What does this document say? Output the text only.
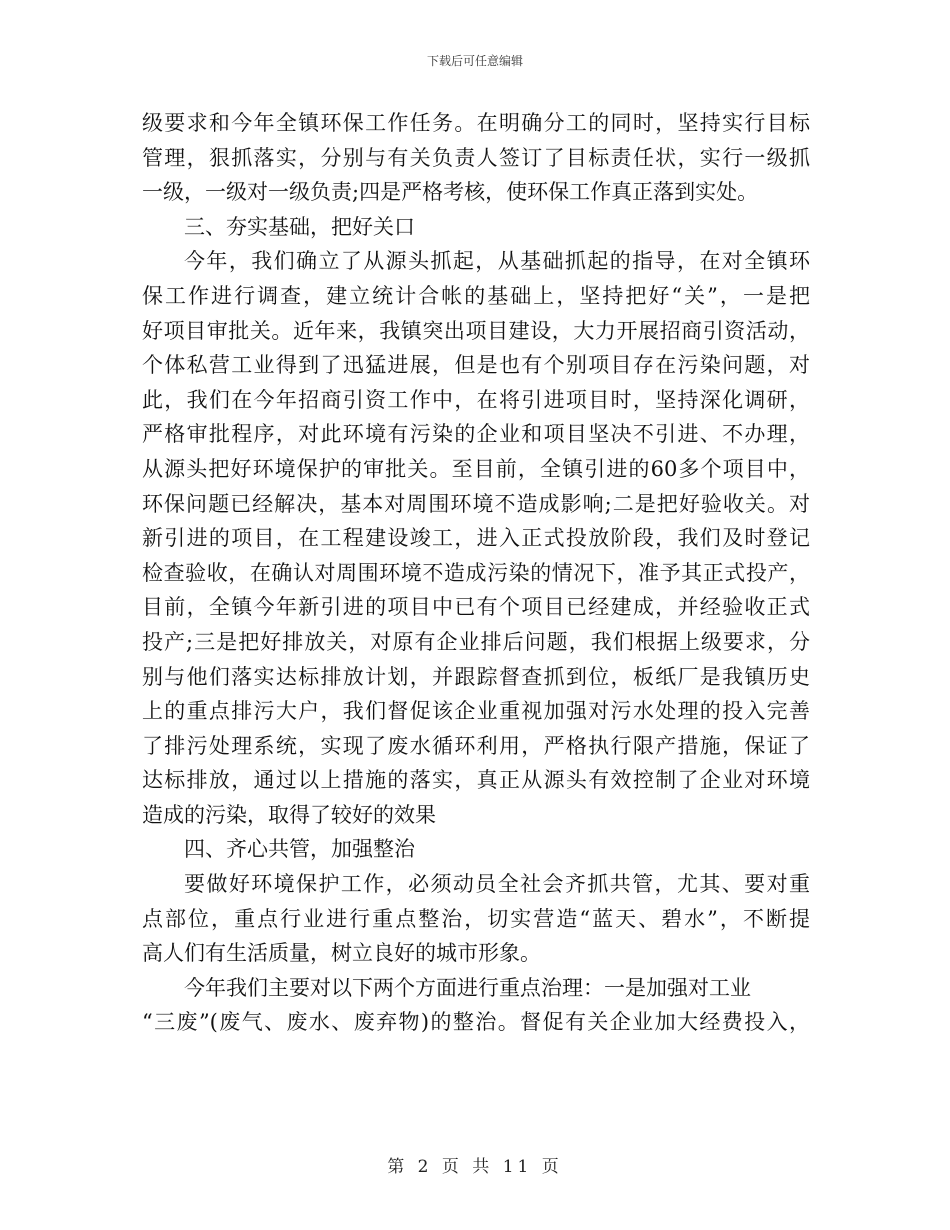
下载后可任意编辑
级要求和今年全镇环保工作任务。在明确分工的同时，坚持实行目标
管理，狠抓落实，分别与有关负责人签订了目标责任状，实行一级抓
一级，一级对一级负责;四是严格考核，使环保工作真正落到实处。
三、夯实基础，把好关口
今年，我们确立了从源头抓起，从基础抓起的指导，在对全镇环
保工作进行调查，建立统计合帐的基础上，坚持把好“关”，一是把
好项目审批关。近年来，我镇突出项目建设，大力开展招商引资活动，
个体私营工业得到了迅猛进展，但是也有个别项目存在污染问题，对
此，我们在今年招商引资工作中，在将引进项目时，坚持深化调研，
严格审批程序，对此环境有污染的企业和项目坚决不引进、不办理，
从源头把好环境保护的审批关。至目前，全镇引进的60多个项目中，
环保问题已经解决，基本对周围环境不造成影响;二是把好验收关。对
新引进的项目，在工程建设竣工，进入正式投放阶段，我们及时登记
检查验收，在确认对周围环境不造成污染的情况下，准予其正式投产，
目前，全镇今年新引进的项目中已有个项目已经建成，并经验收正式
投产;三是把好排放关，对原有企业排后问题，我们根据上级要求，分
别与他们落实达标排放计划，并跟踪督查抓到位，板纸厂是我镇历史
上的重点排污大户，我们督促该企业重视加强对污水处理的投入完善
了排污处理系统，实现了废水循环利用，严格执行限产措施，保证了
达标排放，通过以上措施的落实，真正从源头有效控制了企业对环境
造成的污染，取得了较好的效果
四、齐心共管，加强整治
要做好环境保护工作，必须动员全社会齐抓共管，尤其、要对重
点部位，重点行业进行重点整治，切实营造“蓝天、碧水”，不断提
高人们有生活质量，树立良好的城市形象。
今年我们主要对以下两个方面进行重点治理：一是加强对工业
“三废”(废气、废水、废弃物)的整治。督促有关企业加大经费投入，
第 2 页 共 11 页
